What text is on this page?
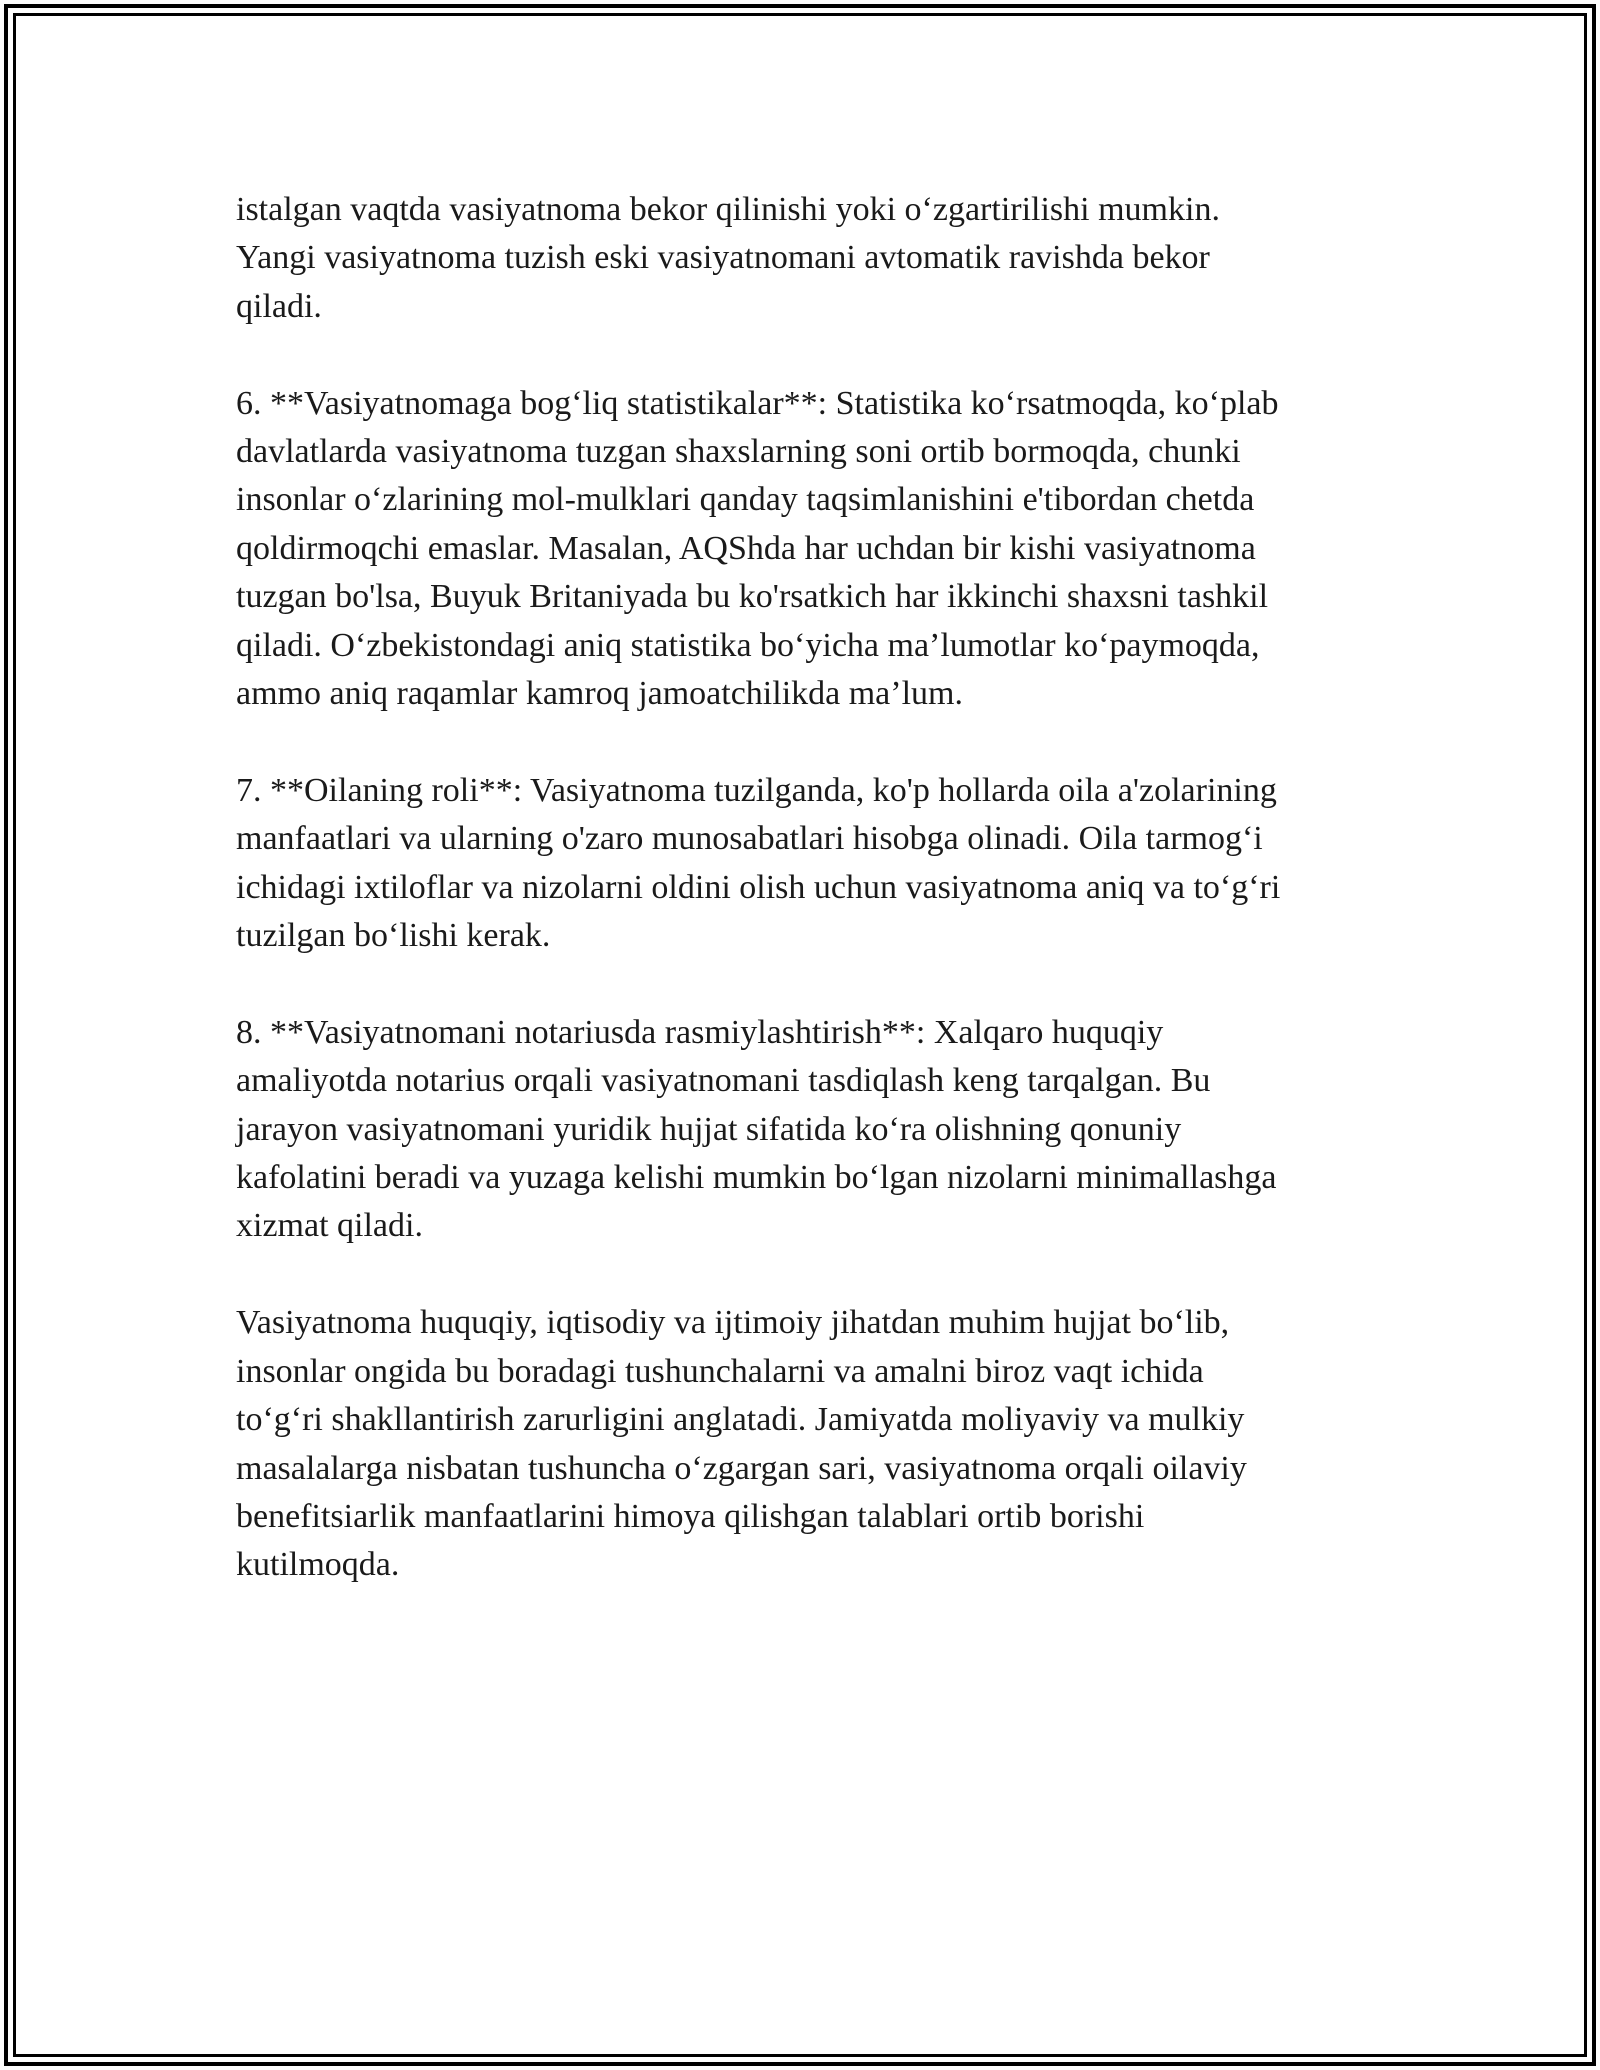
istalgan vaqtda vasiyatnoma bekor qilinishi yoki o‘zgartirilishi mumkin.
Yangi vasiyatnoma tuzish eski vasiyatnomani avtomatik ravishda bekor
qiladi.

6. **Vasiyatnomaga bog‘liq statistikalar**: Statistika ko‘rsatmoqda, ko‘plab
davlatlarda vasiyatnoma tuzgan shaxslarning soni ortib bormoqda, chunki
insonlar o‘zlarining mol-mulklari qanday taqsimlanishini e'tibordan chetda
qoldirmoqchi emaslar. Masalan, AQShda har uchdan bir kishi vasiyatnoma
tuzgan bo'lsa, Buyuk Britaniyada bu ko'rsatkich har ikkinchi shaxsni tashkil
qiladi. O‘zbekistondagi aniq statistika bo‘yicha ma’lumotlar ko‘paymoqda,
ammo aniq raqamlar kamroq jamoatchilikda ma’lum.

7. **Oilaning roli**: Vasiyatnoma tuzilganda, ko'p hollarda oila a'zolarining
manfaatlari va ularning o'zaro munosabatlari hisobga olinadi. Oila tarmog‘i
ichidagi ixtiloflar va nizolarni oldini olish uchun vasiyatnoma aniq va to‘g‘ri
tuzilgan bo‘lishi kerak.

8. **Vasiyatnomani notariusda rasmiylashtirish**: Xalqaro huquqiy
amaliyotda notarius orqali vasiyatnomani tasdiqlash keng tarqalgan. Bu
jarayon vasiyatnomani yuridik hujjat sifatida ko‘ra olishning qonuniy
kafolatini beradi va yuzaga kelishi mumkin bo‘lgan nizolarni minimallashga
xizmat qiladi.

Vasiyatnoma huquqiy, iqtisodiy va ijtimoiy jihatdan muhim hujjat bo‘lib,
insonlar ongida bu boradagi tushunchalarni va amalni biroz vaqt ichida
to‘g‘ri shakllantirish zarurligini anglatadi. Jamiyatda moliyaviy va mulkiy
masalalarga nisbatan tushuncha o‘zgargan sari, vasiyatnoma orqali oilaviy
benefitsiarlik manfaatlarini himoya qilishgan talablari ortib borishi
kutilmoqda.
